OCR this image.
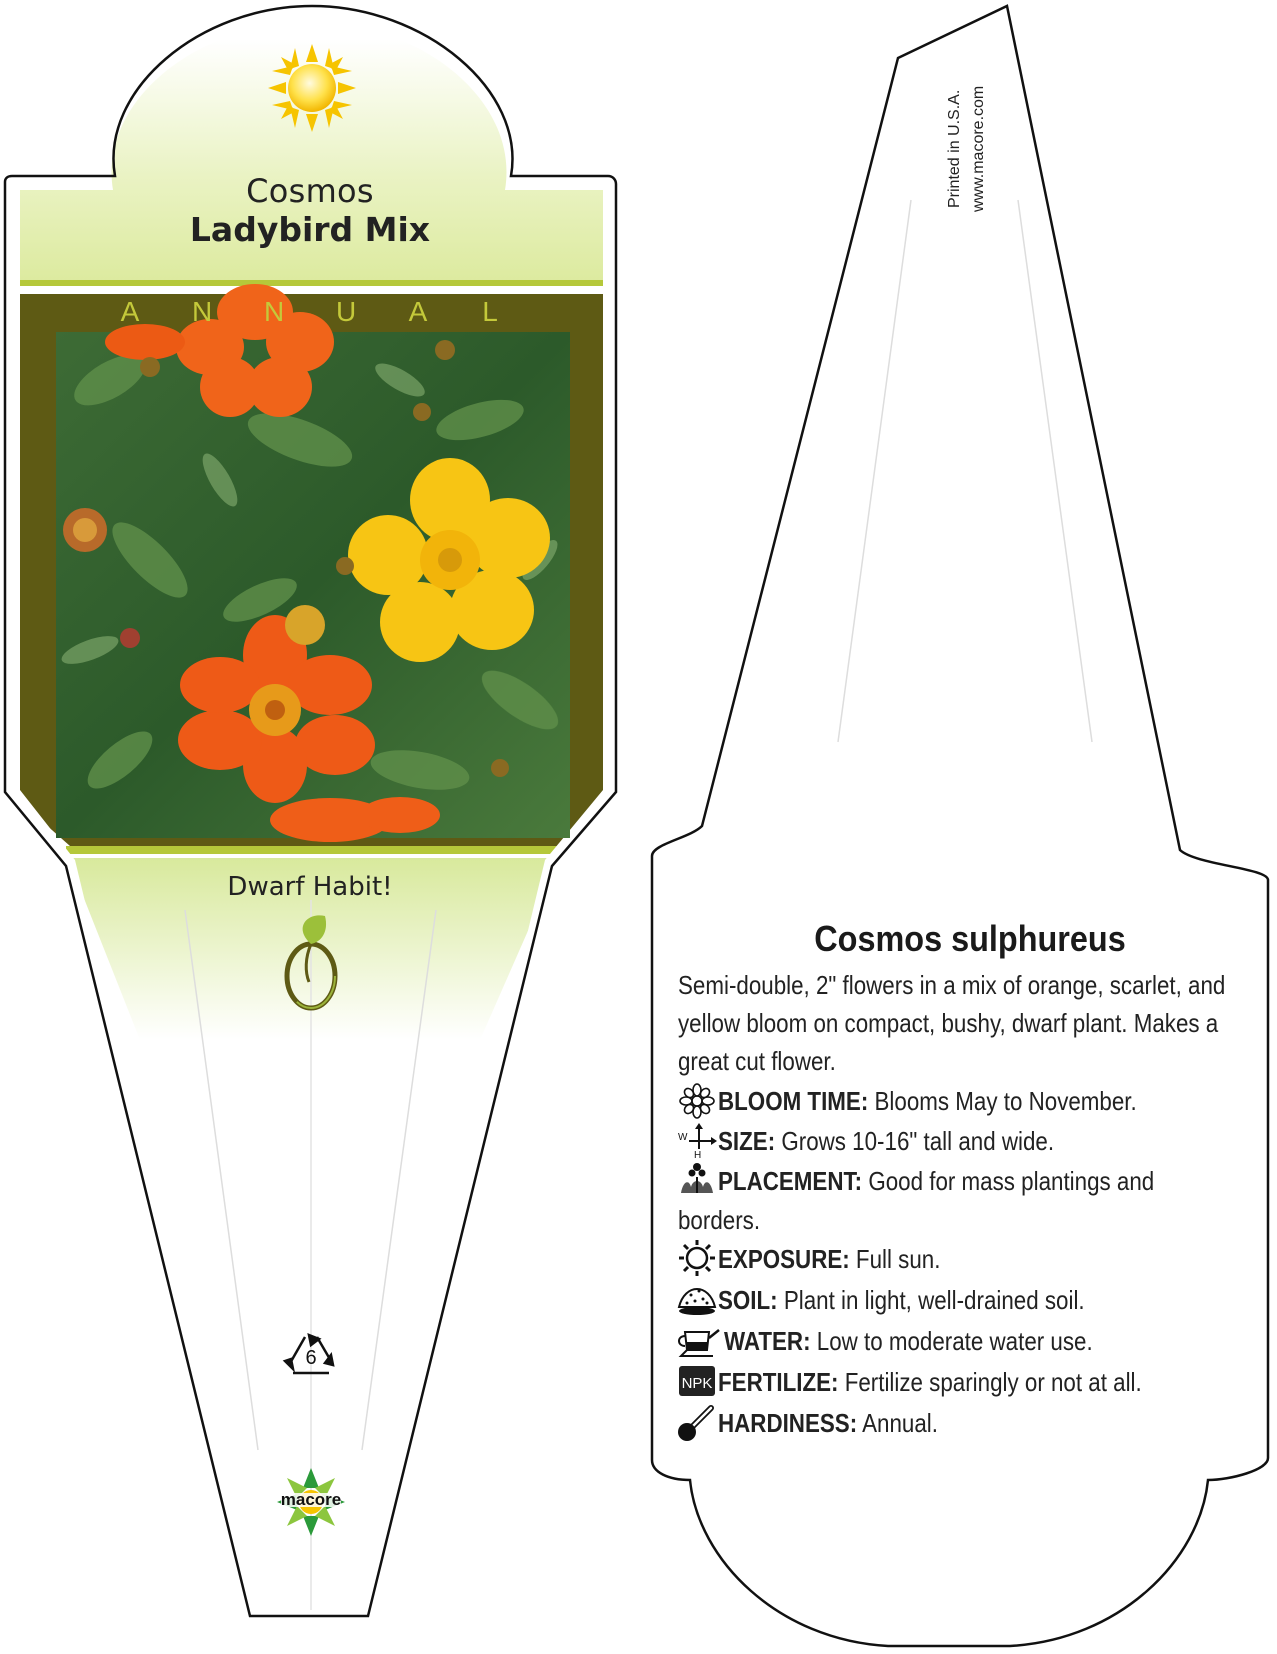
NPK
Cosmos
Ladybird Mix
A N N U A L
Dwarf Habit!
6
macore
Printed in U.S.A. www.macore.com
Cosmos sulphureus
Semi-double, 2" flowers in a mix of orange, scarlet, and yellow bloom on compact, bushy, dwarf plant. Makes a great cut flower.
BLOOM TIME: Blooms May to November.
SIZE: Grows 10-16" tall and wide.
W
H
PLACEMENT: Good for mass plantings and
borders.
EXPOSURE: Full sun.
SOIL: Plant in light, well-drained soil.
WATER: Low to moderate water use.
FERTILIZE: Fertilize sparingly or not at all.
HARDINESS: Annual.
